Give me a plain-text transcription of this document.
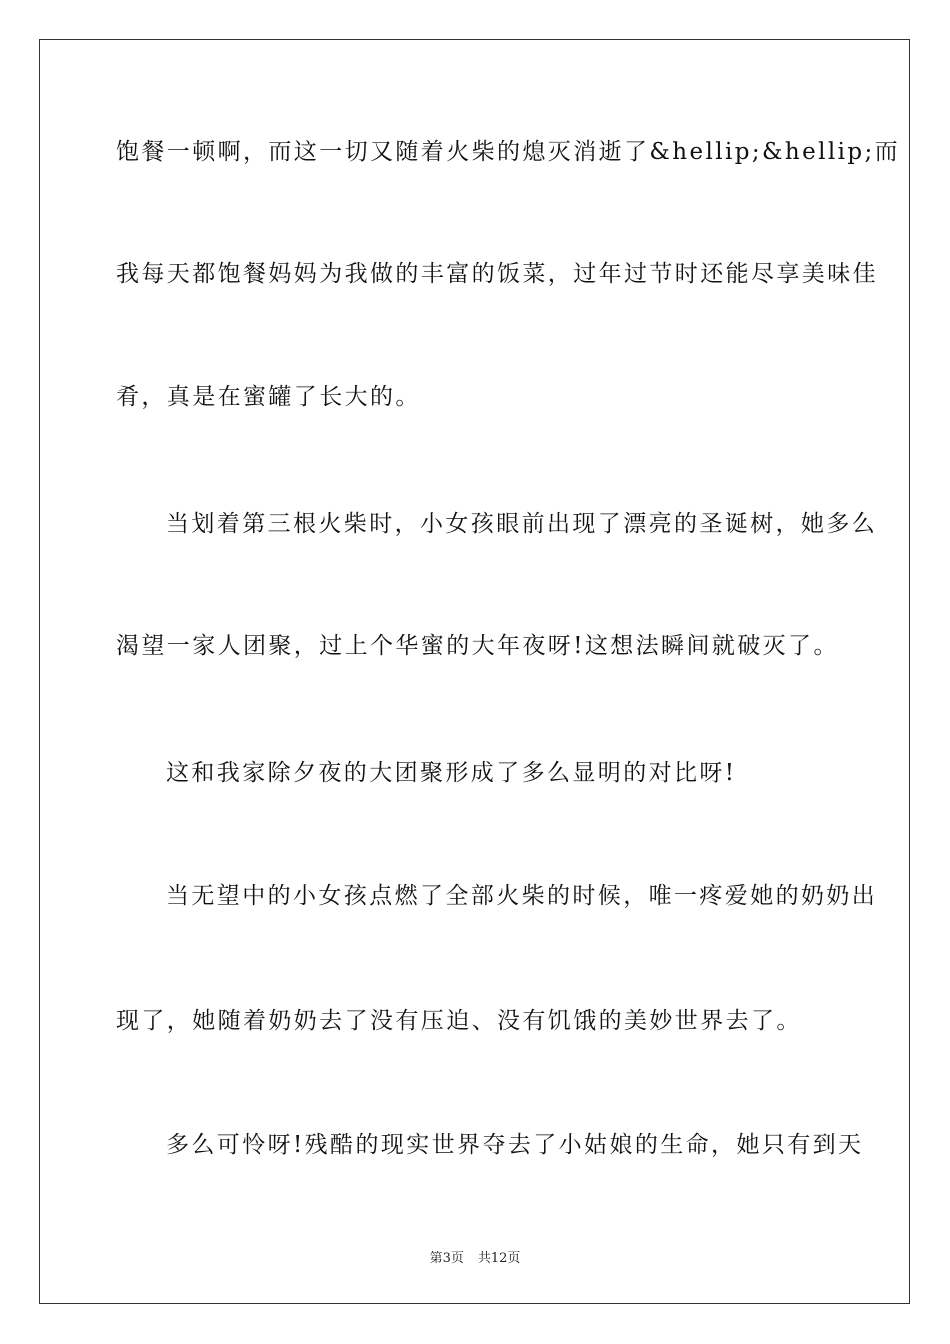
饱餐一顿啊，而这一切又随着火柴的熄灭消逝了&hellip;&hellip;而
我每天都饱餐妈妈为我做的丰富的饭菜，过年过节时还能尽享美味佳
肴，真是在蜜罐了长大的。
当划着第三根火柴时，小女孩眼前出现了漂亮的圣诞树，她多么
渴望一家人团聚，过上个华蜜的大年夜呀!这想法瞬间就破灭了。
这和我家除夕夜的大团聚形成了多么显明的对比呀!
当无望中的小女孩点燃了全部火柴的时候，唯一疼爱她的奶奶出
现了，她随着奶奶去了没有压迫、没有饥饿的美妙世界去了。
多么可怜呀!残酷的现实世界夺去了小姑娘的生命，她只有到天
第3页 共12页
